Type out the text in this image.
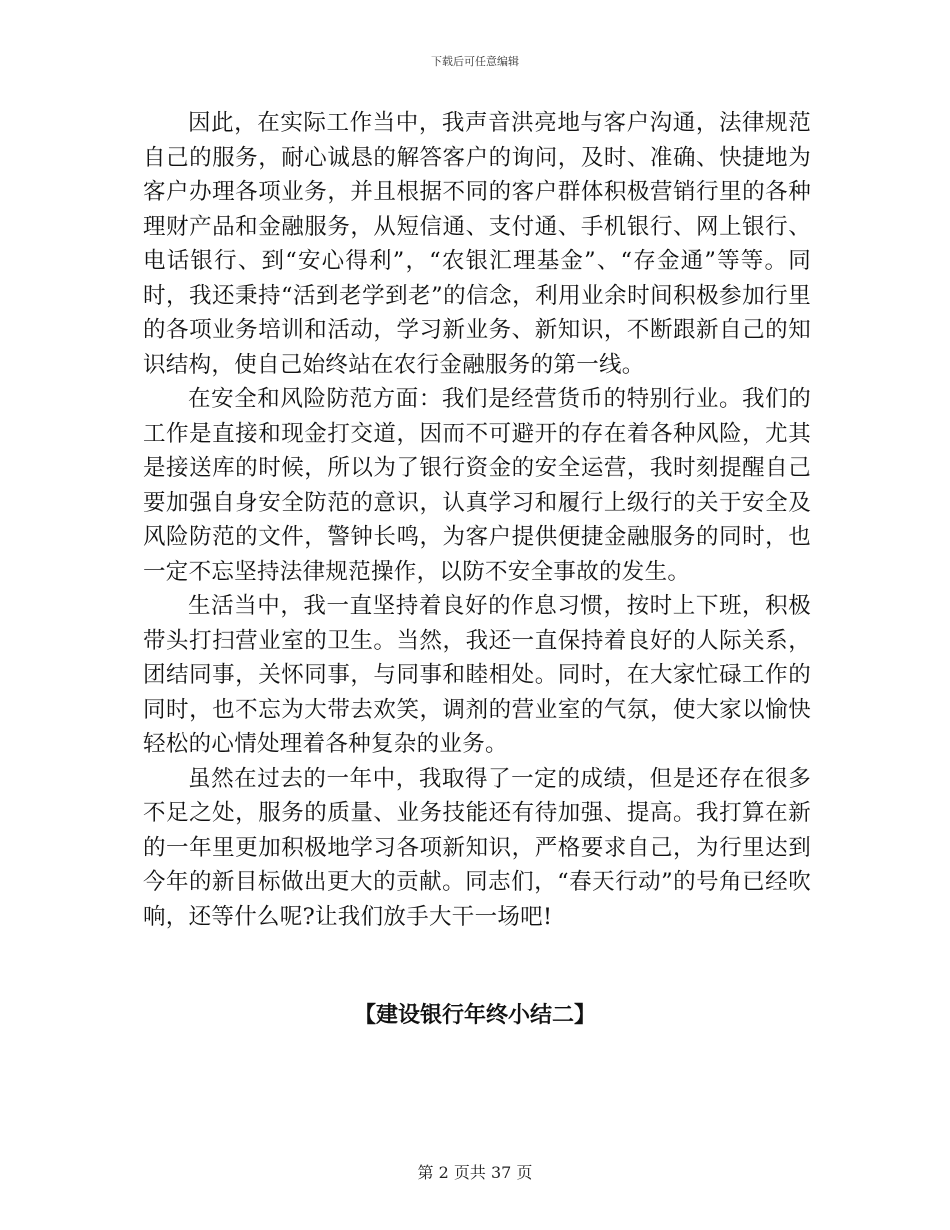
下载后可任意编辑

因此，在实际工作当中，我声音洪亮地与客户沟通，法律规范自己的服务，耐心诚恳的解答客户的询问，及时、准确、快捷地为客户办理各项业务，并且根据不同的客户群体积极营销行里的各种理财产品和金融服务，从短信通、支付通、手机银行、网上银行、电话银行、到“安心得利”，“农银汇理基金”、“存金通”等等。同时，我还秉持“活到老学到老”的信念，利用业余时间积极参加行里的各项业务培训和活动，学习新业务、新知识，不断跟新自己的知识结构，使自己始终站在农行金融服务的第一线。

在安全和风险防范方面：我们是经营货币的特别行业。我们的工作是直接和现金打交道，因而不可避开的存在着各种风险，尤其是接送库的时候，所以为了银行资金的安全运营，我时刻提醒自己要加强自身安全防范的意识，认真学习和履行上级行的关于安全及风险防范的文件，警钟长鸣，为客户提供便捷金融服务的同时，也一定不忘坚持法律规范操作，以防不安全事故的发生。

生活当中，我一直坚持着良好的作息习惯，按时上下班，积极带头打扫营业室的卫生。当然，我还一直保持着良好的人际关系，团结同事，关怀同事，与同事和睦相处。同时，在大家忙碌工作的同时，也不忘为大带去欢笑，调剂的营业室的气氛，使大家以愉快轻松的心情处理着各种复杂的业务。

虽然在过去的一年中，我取得了一定的成绩，但是还存在很多不足之处，服务的质量、业务技能还有待加强、提高。我打算在新的一年里更加积极地学习各项新知识，严格要求自己，为行里达到今年的新目标做出更大的贡献。同志们，“春天行动”的号角已经吹响，还等什么呢?让我们放手大干一场吧!

【建设银行年终小结二】
第 2 页共 37 页
